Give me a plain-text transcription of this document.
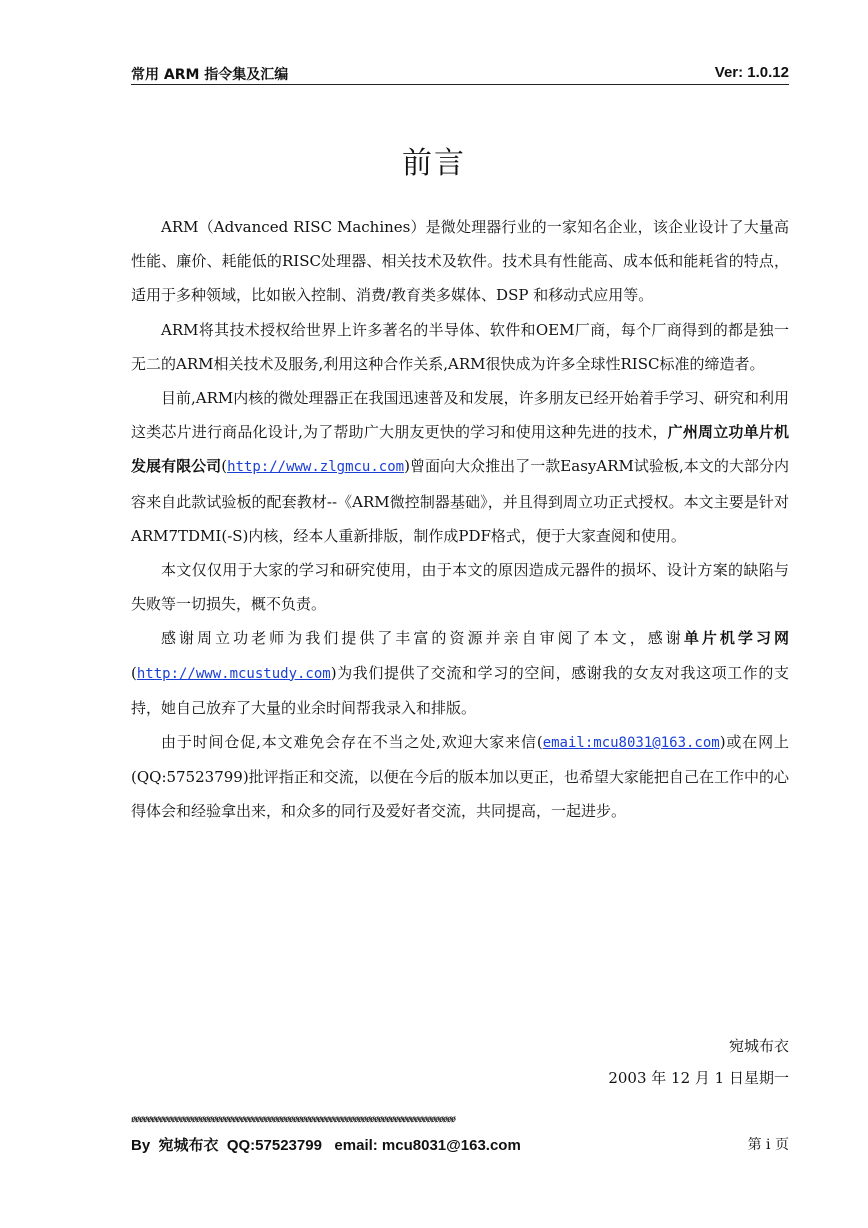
常用 ARM 指令集及汇编	Ver: 1.0.12
前言

ARM（Advanced RISC Machines）是微处理器行业的一家知名企业，该企业设计了大量高性能、廉价、耗能低的RISC处理器、相关技术及软件。技术具有性能高、成本低和能耗省的特点，适用于多种领域，比如嵌入控制、消费/教育类多媒体、DSP 和移动式应用等。

ARM将其技术授权给世界上许多著名的半导体、软件和OEM厂商，每个厂商得到的都是独一无二的ARM相关技术及服务,利用这种合作关系,ARM很快成为许多全球性RISC标准的缔造者。

目前,ARM内核的微处理器正在我国迅速普及和发展，许多朋友已经开始着手学习、研究和利用这类芯片进行商品化设计,为了帮助广大朋友更快的学习和使用这种先进的技术，广州周立功单片机发展有限公司(http://www.zlgmcu.com)曾面向大众推出了一款EasyARM试验板,本文的大部分内容来自此款试验板的配套教材--《ARM微控制器基础》，并且得到周立功正式授权。本文主要是针对ARM7TDMI(-S)内核，经本人重新排版，制作成PDF格式，便于大家查阅和使用。

本文仅仅用于大家的学习和研究使用，由于本文的原因造成元器件的损坏、设计方案的缺陷与失败等一切损失，概不负责。

感谢周立功老师为我们提供了丰富的资源并亲自审阅了本文，感谢单片机学习网(http://www.mcustudy.com)为我们提供了交流和学习的空间，感谢我的女友对我这项工作的支持，她自己放弃了大量的业余时间帮我录入和排版。

由于时间仓促,本文难免会存在不当之处,欢迎大家来信(email:mcu8031@163.com)或在网上(QQ:57523799)批评指正和交流，以便在今后的版本加以更正，也希望大家能把自己在工作中的心得体会和经验拿出来，和众多的同行及爱好者交流，共同提高，一起进步。

宛城布衣
2003 年 12 月 1 日星期一
ꬾꬾꬾꬾꬾꬾꬾꬾꬾꬾꬾꬾꬾꬾꬾꬾꬾꬾꬾꬾꬾꬾꬾꬾꬾꬾꬾꬾꬾꬾꬾꬾꬾꬾꬾꬾꬾꬾꬾꬾꬾꬾꬾꬾꬾꬾꬾꬾꬾꬾꬾꬾꬾꬾꬾꬾꬾꬾꬾꬾꬾꬾꬾꬾꬾꬾꬾꬾꬾꬾꬾꬾꬾꬾꬾꬾꬾꬾꬾꬾ
By  宛城布衣  QQ:57523799   email: mcu8031@163.com	第 i 页
